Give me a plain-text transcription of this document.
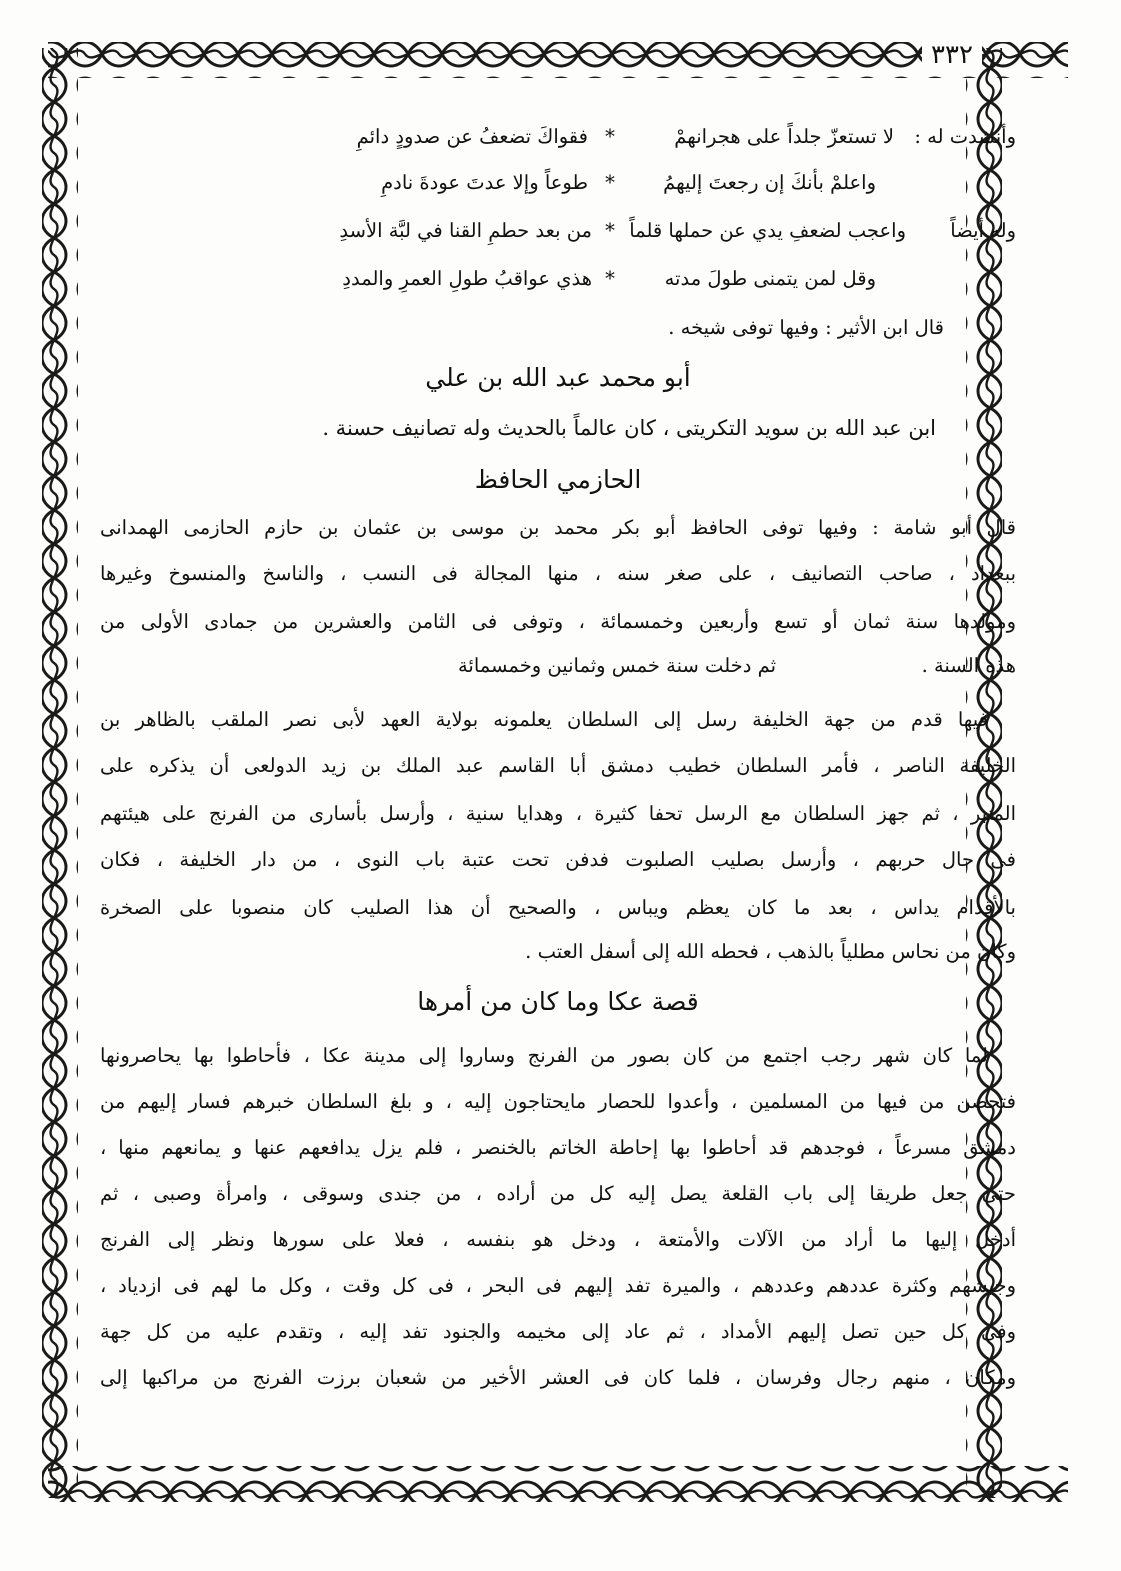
٣٣٢
وأنشدت له :
لا تستعزّ جلداً على هجرانهمْ
*
فقواكَ تضعفُ عن صدودٍ دائمِ
واعلمْ بأنكَ إن رجعتَ إليهمُ
*
طوعاً وإلا عدتَ عودةَ نادمِ
وله أيضاً
واعجب لضعفِ يدي عن حملها قلماً
*
من بعد حطمِ القنا في لبَّة الأسدِ
وقل لمن يتمنى طولَ مدته
*
هذي عواقبُ طولِ العمرِ والمددِ
قال ابن الأثير : وفيها توفى شيخه .
أبو محمد عبد الله بن علي
ابن عبد الله بن سويد التكريتى ، كان عالماً بالحديث وله تصانيف حسنة .
الحازمي الحافظ
قال أبو شامة : وفيها توفى الحافظ أبو بكر محمد بن موسى بن عثمان بن حازم الحازمى الهمدانى
ببغداد ، صاحب التصانيف ، على صغر سنه ، منها المجالة فى النسب ، والناسخ والمنسوخ وغيرها
ومولدها سنة ثمان أو تسع وأربعين وخمسمائة ، وتوفى فى الثامن والعشرين من جمادى الأولى من
هذه السنة .
ثم دخلت سنة خمس وثمانين وخمسمائة
فيها قدم من جهة الخليفة رسل إلى السلطان يعلمونه بولاية العهد لأبى نصر الملقب بالظاهر بن
الخليفة الناصر ، فأمر السلطان خطيب دمشق أبا القاسم عبد الملك بن زيد الدولعى أن يذكره على
المنبر ، ثم جهز السلطان مع الرسل تحفا كثيرة ، وهدايا سنية ، وأرسل بأسارى من الفرنج على هيئتهم
فى حال حربهم ، وأرسل بصليب الصلبوت فدفن تحت عتبة باب النوى ، من دار الخليفة ، فكان
بالأقدام يداس ، بعد ما كان يعظم ويباس ، والصحيح أن هذا الصليب كان منصوبا على الصخرة
وكان من نحاس مطلياً بالذهب ، فحطه الله إلى أسفل العتب .
قصة عكا وما كان من أمرها
لما كان شهر رجب اجتمع من كان بصور من الفرنج وساروا إلى مدينة عكا ، فأحاطوا بها يحاصرونها
فتحصن من فيها من المسلمين ، وأعدوا للحصار مايحتاجون إليه ، و بلغ السلطان خبرهم فسار إليهم من
دمشق مسرعاً ، فوجدهم قد أحاطوا بها إحاطة الخاتم بالخنصر ، فلم يزل يدافعهم عنها و يمانعهم منها ،
حتى جعل طريقا إلى باب القلعة يصل إليه كل من أراده ، من جندى وسوقى ، وامرأة وصبى ، ثم
أدخل إليها ما أراد من الآلات والأمتعة ، ودخل هو بنفسه ، فعلا على سورها ونظر إلى الفرنج
وجيشهم وكثرة عددهم وعددهم ، والميرة تفد إليهم فى البحر ، فى كل وقت ، وكل ما لهم فى ازدياد ،
وفى كل حين تصل إليهم الأمداد ، ثم عاد إلى مخيمه والجنود تفد إليه ، وتقدم عليه من كل جهة
ومكان ، منهم رجال وفرسان ، فلما كان فى العشر الأخير من شعبان برزت الفرنج من مراكبها إلى
